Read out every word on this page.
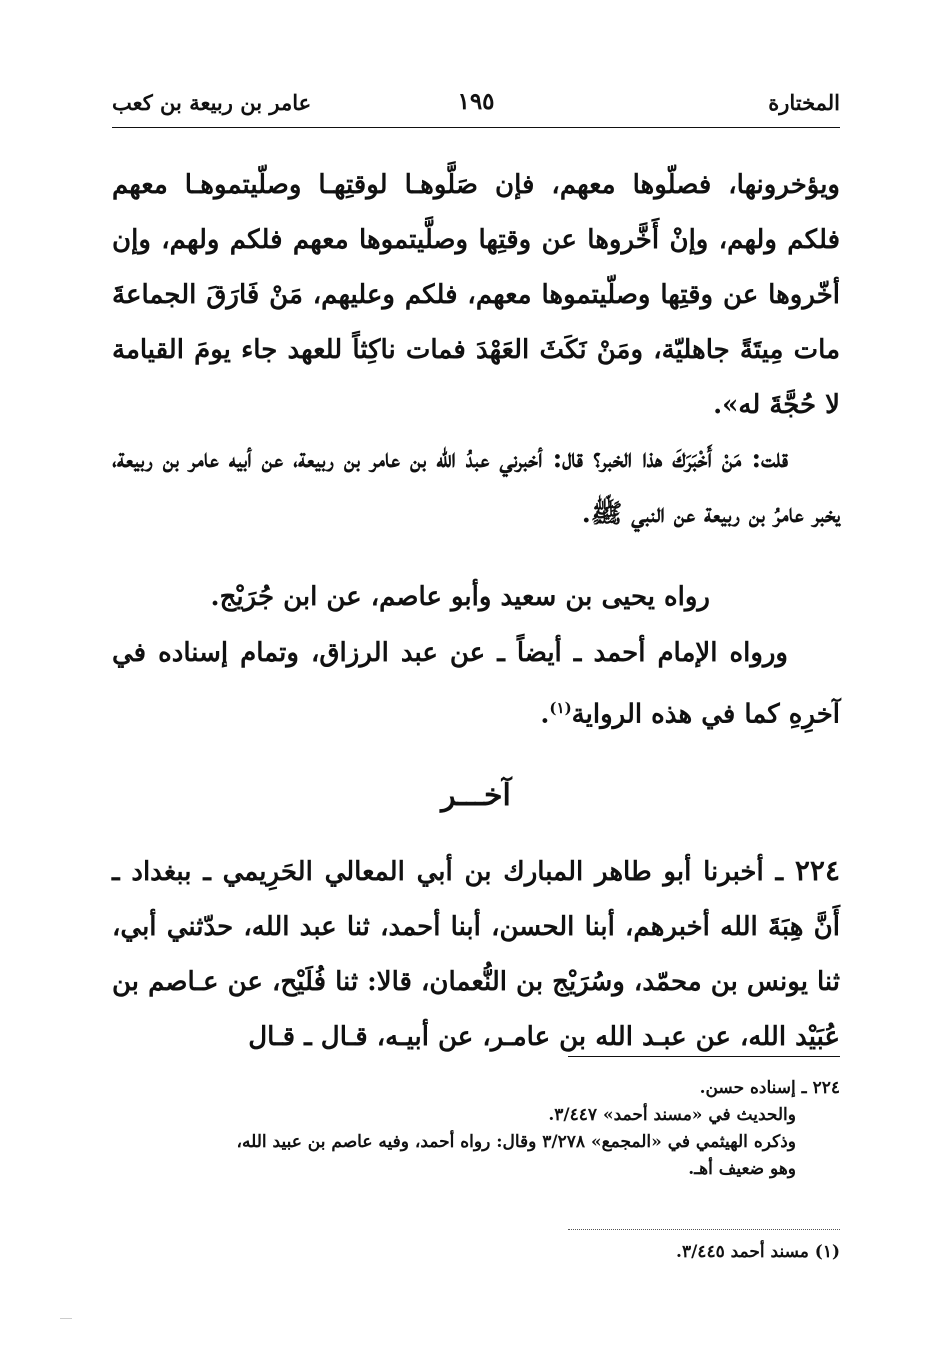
المختارة
١٩٥
عامر بن ربيعة بن كعب
ويؤخرونها، فصلّوها معهم، فإن صَلَّوهـا لوقتِهـا وصلّيتموهـا معهم فلكم ولهم، وإنْ أَخَّروها عن وقتِها وصلَّيتموها معهم فلكم ولهم، وإن أخّروها عن وقتِها وصلّيتموها معهم، فلكم وعليهم، مَنْ فَارَقَ الجماعةَ مات مِيتَةً جاهليّة، ومَنْ نَكَثَ العَهْدَ فمات ناكِثاً للعهد جاء يومَ القيامة لا حُجَّةَ له».
قلت: مَنْ أَخْبَرَكَ هذا الخبر؟ قال: أخبرني عبدُ الله بن عامر بن ربيعة، عن أبيه عامر بن ربيعة، يخبر عامرُ بن ربيعة عن النبي ﷺ.
رواه يحيى بن سعيد وأبو عاصم، عن ابن جُرَيْج.
ورواه الإمام أحمد ـ أيضاً ـ عن عبد الرزاق، وتمام إسناده في آخرِهِ كما في هذه الرواية$^{(١)}$.
آخـــر
٢٢٤ ـ أخبرنا أبو طاهر المبارك بن أبي المعالي الحَرِيمي ـ ببغداد ـ أَنَّ هِبَةَ الله أخبرهم، أبنا الحسن، أبنا أحمد، ثنا عبد الله، حدّثني أبي، ثنا يونس بن محمّد، وسُرَيْج بن النُّعمان، قالا: ثنا فُلَيْح، عن عـاصم بن عُبَيْد الله، عن عبـد الله بن عامـر، عن أبيـه، قـال ـ قـال
٢٢٤ ـ إسناده حسن.
والحديث في «مسند أحمد» ٣/٤٤٧.
وذكره الهيثمي في «المجمع» ٣/٢٧٨ وقال: رواه أحمد، وفيه عاصم بن عبيد الله،
وهو ضعيف أهـ.
(١) مسند أحمد ٣/٤٤٥.
